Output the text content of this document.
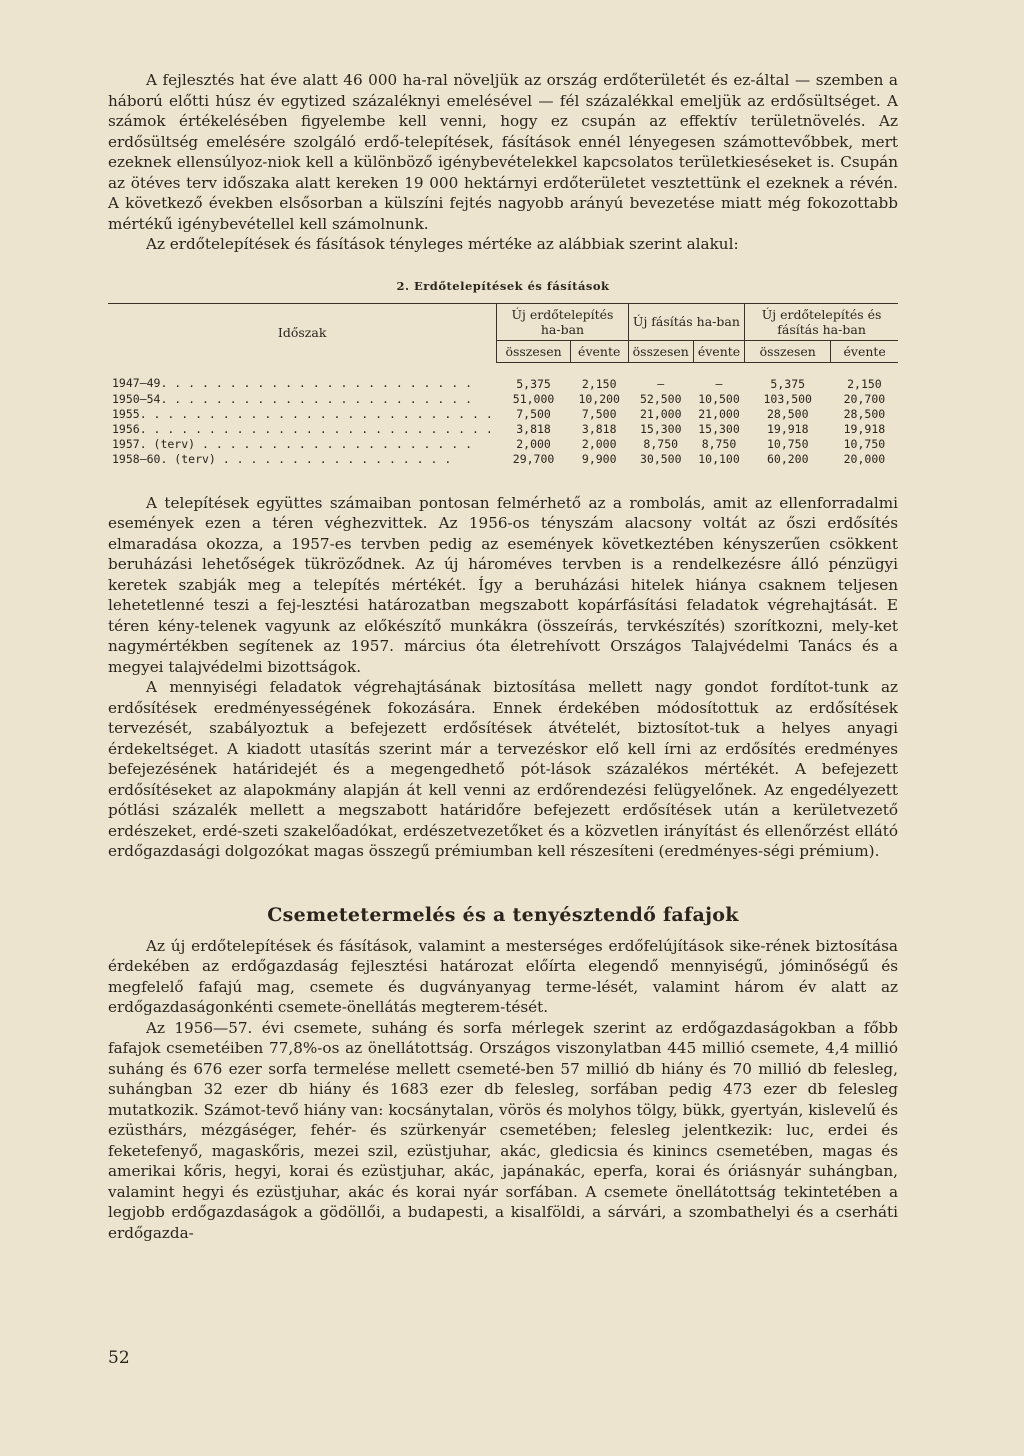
A fejlesztés hat éve alatt 46 000 ha-ral növeljük az ország erdőterületét és ez-által — szemben a háború előtti húsz év egytized százaléknyi emelésével — fél százalékkal emeljük az erdősültséget. A számok értékelésében figyelembe kell venni, hogy ez csupán az effektív területnövelés. Az erdősültség emelésére szolgáló erdő-telepítések, fásítások ennél lényegesen számottevőbbek, mert ezeknek ellensúlyoz-niok kell a különböző igénybevételekkel kapcsolatos területkieséseket is. Csupán az ötéves terv időszaka alatt kereken 19 000 hektárnyi erdőterületet vesztettünk el ezeknek a révén. A következő években elsősorban a külszíni fejtés nagyobb arányú bevezetése miatt még fokozottabb mértékű igénybevétellel kell számolnunk.

Az erdőtelepítések és fásítások tényleges mértéke az alábbiak szerint alakul:

2. Erdőtelepítések és fásítások
Időszak	Új erdőtelepítés ha-ban		Új fásítás ha-ban		Új erdőtelepítés és fásítás ha-ban	
	összesen	évente	összesen	évente	összesen	évente
1947—49. . . . . . . . . . . . . . . . . . . . . . .	5,375	2,150	—	—	5,375	2,150
1950—54. . . . . . . . . . . . . . . . . . . . . . .	51,000	10,200	52,500	10,500	103,500	20,700
1955. . . . . . . . . . . . . . . . . . . . . . . . . .	7,500	7,500	21,000	21,000	28,500	28,500
1956. . . . . . . . . . . . . . . . . . . . . . . . . .	3,818	3,818	15,300	15,300	19,918	19,918
1957. (terv) . . . . . . . . . . . . . . . . . . . .	2,000	2,000	8,750	8,750	10,750	10,750
1958—60. (terv) . . . . . . . . . . . . . . . . .	29,700	9,900	30,500	10,100	60,200	20,000

A telepítések együttes számaiban pontosan felmérhető az a rombolás, amit az ellenforradalmi események ezen a téren véghezvittek. Az 1956-os tényszám alacsony voltát az őszi erdősítés elmaradása okozza, a 1957-es tervben pedig az események következtében kényszerűen csökkent beruházási lehetőségek tükröződnek. Az új hároméves tervben is a rendelkezésre álló pénzügyi keretek szabják meg a telepítés mértékét. Így a beruházási hitelek hiánya csaknem teljesen lehetetlenné teszi a fej-lesztési határozatban megszabott kopárfásítási feladatok végrehajtását. E téren kény-telenek vagyunk az előkészítő munkákra (összeírás, tervkészítés) szorítkozni, mely-ket nagymértékben segítenek az 1957. március óta életrehívott Országos Talajvédelmi Tanács és a megyei talajvédelmi bizottságok.

A mennyiségi feladatok végrehajtásának biztosítása mellett nagy gondot fordítot-tunk az erdősítések eredményességének fokozására. Ennek érdekében módosítottuk az erdősítések tervezését, szabályoztuk a befejezett erdősítések átvételét, biztosítot-tuk a helyes anyagi érdekeltséget. A kiadott utasítás szerint már a tervezéskor elő kell írni az erdősítés eredményes befejezésének határidejét és a megengedhető pót-lások százalékos mértékét. A befejezett erdősítéseket az alapokmány alapján át kell venni az erdőrendezési felügyelőnek. Az engedélyezett pótlási százalék mellett a megszabott határidőre befejezett erdősítések után a kerületvezető erdészeket, erdé-szeti szakelőadókat, erdészetvezetőket és a közvetlen irányítást és ellenőrzést ellátó erdőgazdasági dolgozókat magas összegű prémiumban kell részesíteni (eredményes-ségi prémium).

Csemetetermelés és a tenyésztendő fafajok

Az új erdőtelepítések és fásítások, valamint a mesterséges erdőfelújítások sike-rének biztosítása érdekében az erdőgazdaság fejlesztési határozat előírta elegendő mennyiségű, jóminőségű és megfelelő fafajú mag, csemete és dugványanyag terme-lését, valamint három év alatt az erdőgazdaságonkénti csemete-önellátás megterem-tését.

Az 1956—57. évi csemete, suháng és sorfa mérlegek szerint az erdőgazdaságokban a főbb fafajok csemetéiben 77,8%-os az önellátottság. Országos viszonylatban 445 millió csemete, 4,4 millió suháng és 676 ezer sorfa termelése mellett csemeté-ben 57 millió db hiány és 70 millió db felesleg, suhángban 32 ezer db hiány és 1683 ezer db felesleg, sorfában pedig 473 ezer db felesleg mutatkozik. Számot-tevő hiány van: kocsánytalan, vörös és molyhos tölgy, bükk, gyertyán, kislevelű és ezüsthárs, mézgáséger, fehér- és szürkenyár csemetében; felesleg jelentkezik: luc, erdei és feketefenyő, magaskőris, mezei szil, ezüstjuhar, akác, gledicsia és kinincs csemetében, magas és amerikai kőris, hegyi, korai és ezüstjuhar, akác, japánakác, eperfa, korai és óriásnyár suhángban, valamint hegyi és ezüstjuhar, akác és korai nyár sorfában. A csemete önellátottság tekintetében a legjobb erdőgazdaságok a gödöllői, a budapesti, a kisalföldi, a sárvári, a szombathelyi és a cserháti erdőgazda-

52
